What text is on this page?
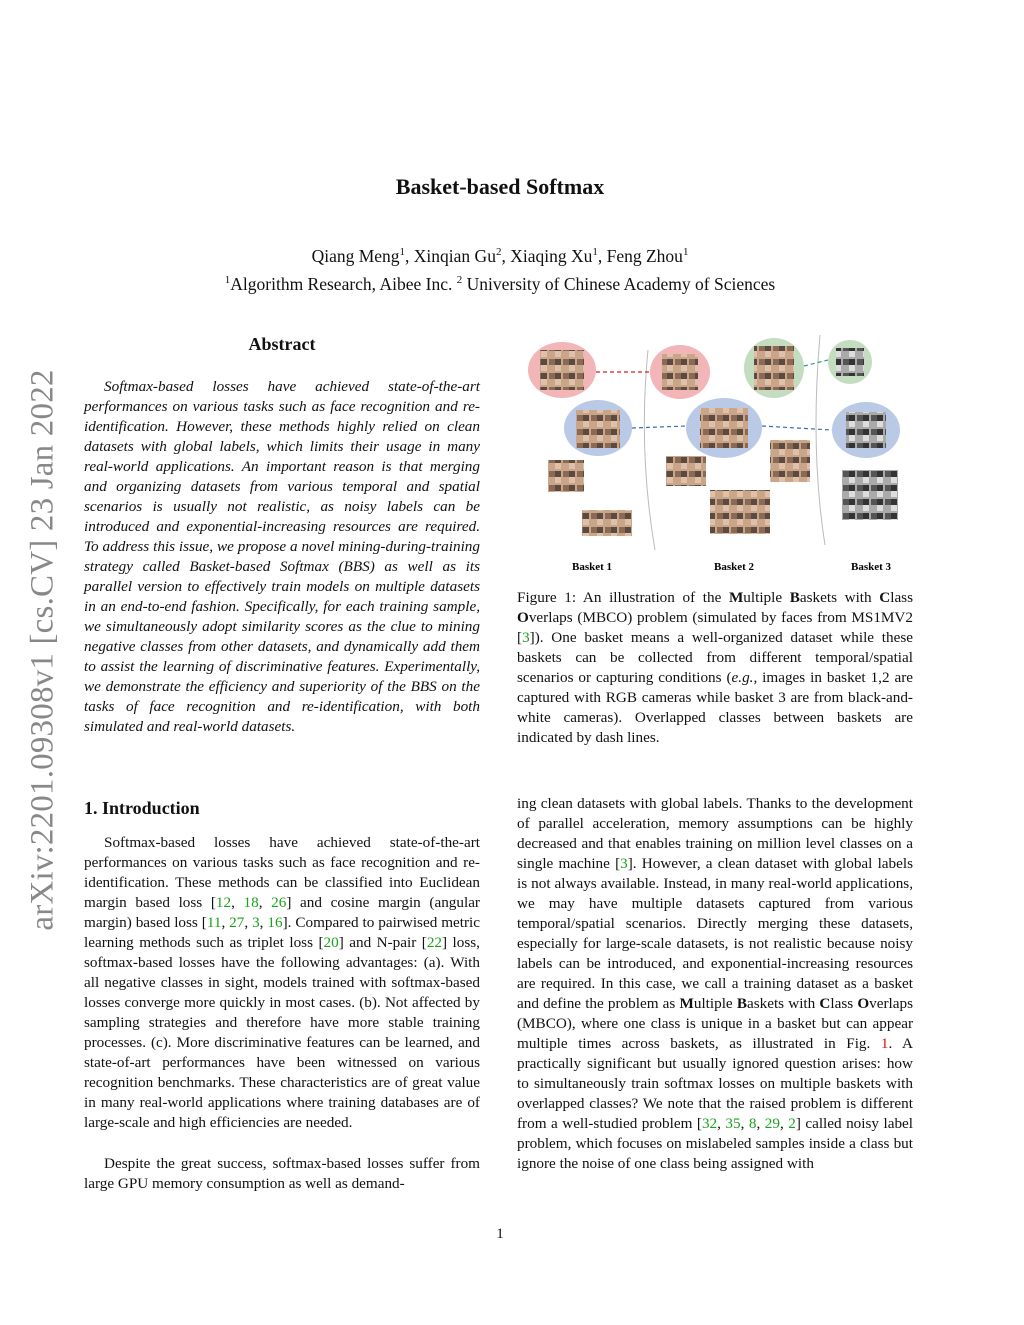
arXiv:2201.09308v1 [cs.CV] 23 Jan 2022
Basket-based Softmax
Qiang Meng$^1$, Xinqian Gu$^2$, Xiaqing Xu$^1$, Feng Zhou$^1$
$^1$Algorithm Research, Aibee Inc. $^2$ University of Chinese Academy of Sciences
Abstract

Softmax-based losses have achieved state-of-the-art performances on various tasks such as face recognition and re-identification. However, these methods highly relied on clean datasets with global labels, which limits their usage in many real-world applications. An important reason is that merging and organizing datasets from various temporal and spatial scenarios is usually not realistic, as noisy labels can be introduced and exponential-increasing resources are required. To address this issue, we propose a novel mining-during-training strategy called Basket-based Softmax (BBS) as well as its parallel version to effectively train models on multiple datasets in an end-to-end fashion. Specifically, for each training sample, we simultaneously adopt similarity scores as the clue to mining negative classes from other datasets, and dynamically add them to assist the learning of discriminative features. Experimentally, we demonstrate the efficiency and superiority of the BBS on the tasks of face recognition and re-identification, with both simulated and real-world datasets.

Basket 1	Basket 2	Basket 3

Figure 1: An illustration of the Multiple Baskets with Class Overlaps (MBCO) problem (simulated by faces from MS1MV2 [3]). One basket means a well-organized dataset while these baskets can be collected from different temporal/spatial scenarios or capturing conditions (e.g., images in basket 1,2 are captured with RGB cameras while basket 3 are from black-and-white cameras). Overlapped classes between baskets are indicated by dash lines.

1. Introduction

Softmax-based losses have achieved state-of-the-art performances on various tasks such as face recognition and re-identification. These methods can be classified into Euclidean margin based loss [12, 18, 26] and cosine margin (angular margin) based loss [11, 27, 3, 16]. Compared to pairwised metric learning methods such as triplet loss [20] and N-pair [22] loss, softmax-based losses have the following advantages: (a). With all negative classes in sight, models trained with softmax-based losses converge more quickly in most cases. (b). Not affected by sampling strategies and therefore have more stable training processes. (c). More discriminative features can be learned, and state-of-art performances have been witnessed on various recognition benchmarks. These characteristics are of great value in many real-world applications where training databases are of large-scale and high efficiencies are needed.

Despite the great success, softmax-based losses suffer from large GPU memory consumption as well as demand-

ing clean datasets with global labels. Thanks to the development of parallel acceleration, memory assumptions can be highly decreased and that enables training on million level classes on a single machine [3]. However, a clean dataset with global labels is not always available. Instead, in many real-world applications, we may have multiple datasets captured from various temporal/spatial scenarios. Directly merging these datasets, especially for large-scale datasets, is not realistic because noisy labels can be introduced, and exponential-increasing resources are required. In this case, we call a training dataset as a basket and define the problem as Multiple Baskets with Class Overlaps (MBCO), where one class is unique in a basket but can appear multiple times across baskets, as illustrated in Fig. 1. A practically significant but usually ignored question arises: how to simultaneously train softmax losses on multiple baskets with overlapped classes? We note that the raised problem is different from a well-studied problem [32, 35, 8, 29, 2] called noisy label problem, which focuses on mislabeled samples inside a class but ignore the noise of one class being assigned with

1
